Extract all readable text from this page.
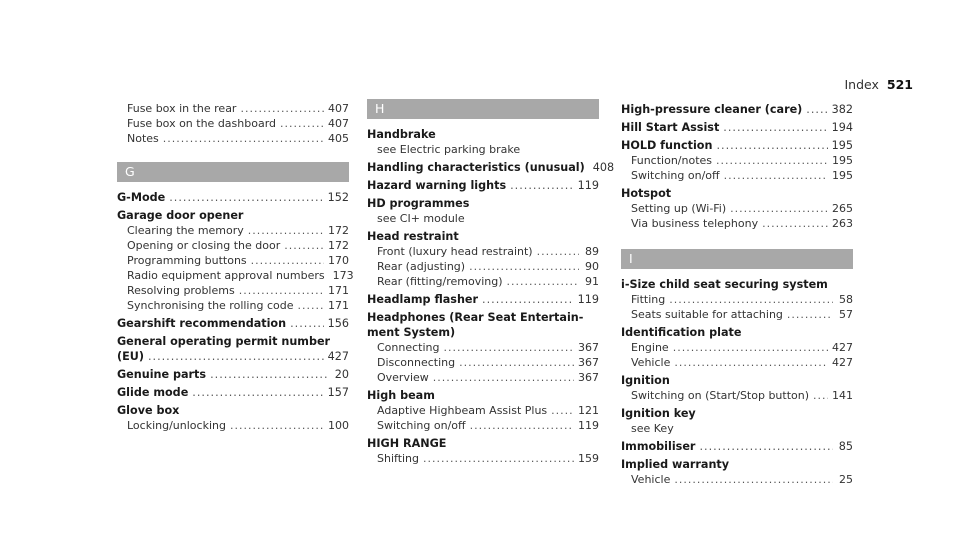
Index 521
Fuse box in the rear .....	407
Fuse box on the dashboard .....	407
Notes .....	405
G
G-Mode .....	152
Garage door opener
Clearing the memory .....	172
Opening or closing the door .....	172
Programming buttons .....	170
Radio equipment approval numbers 173
Resolving problems .....	171
Synchronising the rolling code .....	171
Gearshift recommendation .....	156
General operating permit number
(EU) .....	427
Genuine parts .....	20
Glide mode .....	157
Glove box
Locking/unlocking .....	100
H
Handbrake
see Electric parking brake
Handling characteristics (unusual) 408
Hazard warning lights .....	119
HD programmes
see CI+ module
Head restraint
Front (luxury head restraint) .....	89
Rear (adjusting) .....	90
Rear (fitting/removing) .....	91
Headlamp flasher .....	119
Headphones (Rear Seat Entertain-
ment System)
Connecting .....	367
Disconnecting .....	367
Overview .....	367
High beam
Adaptive Highbeam Assist Plus .....	121
Switching on/off .....	119
HIGH RANGE
Shifting .....	159
High-pressure cleaner (care) .....	382
Hill Start Assist .....	194
HOLD function .....	195
Function/notes .....	195
Switching on/off .....	195
Hotspot
Setting up (Wi-Fi) .....	265
Via business telephony .....	263
I
i-Size child seat securing system
Fitting .....	58
Seats suitable for attaching .....	57
Identification plate
Engine .....	427
Vehicle .....	427
Ignition
Switching on (Start/Stop button) ..... 141
Ignition key
see Key
Immobiliser .....	85
Implied warranty
Vehicle .....	25
